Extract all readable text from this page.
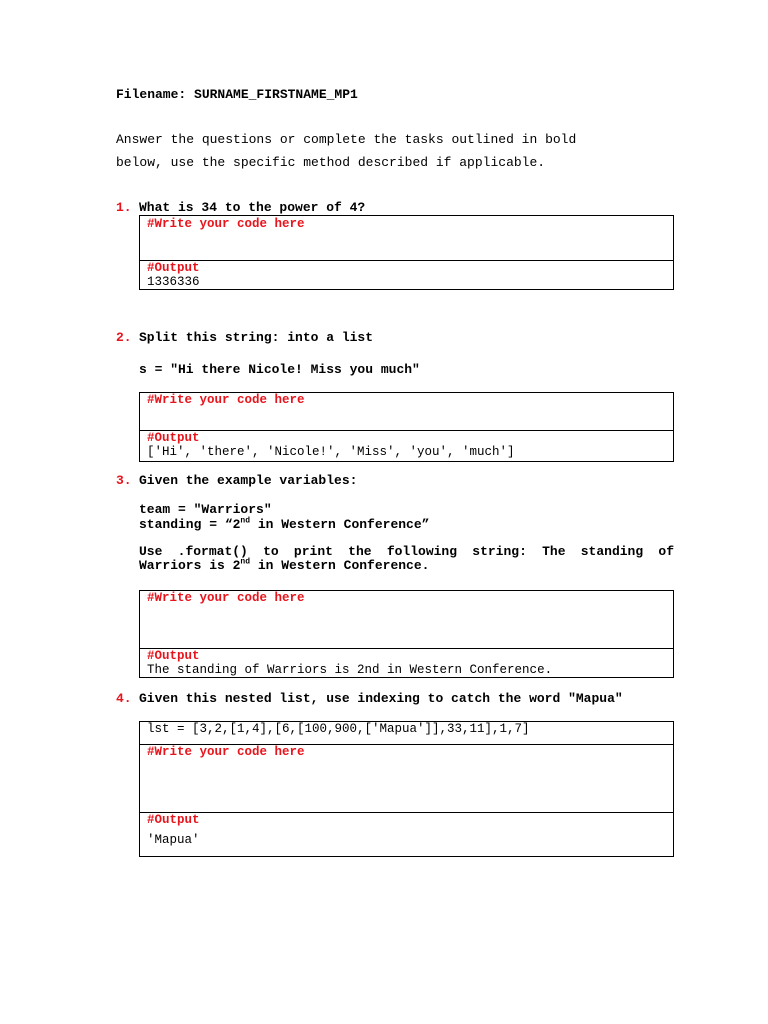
Filename: SURNAME_FIRSTNAME_MP1
Answer the questions or complete the tasks outlined in bold
below, use the specific method described if applicable.
1. What is 34 to the power of 4?
#Write your code here
#Output
1336336
2. Split this string: into a list
s = "Hi there Nicole! Miss you much"
#Write your code here
#Output
['Hi', 'there', 'Nicole!', 'Miss', 'you', 'much']
3. Given the example variables:
team = "Warriors"
standing = “2nd in Western Conference”
Use .format() to print the following string: The standing of Warriors is 2nd in Western Conference.
#Write your code here
#Output
The standing of Warriors is 2nd in Western Conference.
4. Given this nested list, use indexing to catch the word "Mapua"
lst = [3,2,[1,4],[6,[100,900,['Mapua']],33,11],1,7]
#Write your code here
#Output
'Mapua'
